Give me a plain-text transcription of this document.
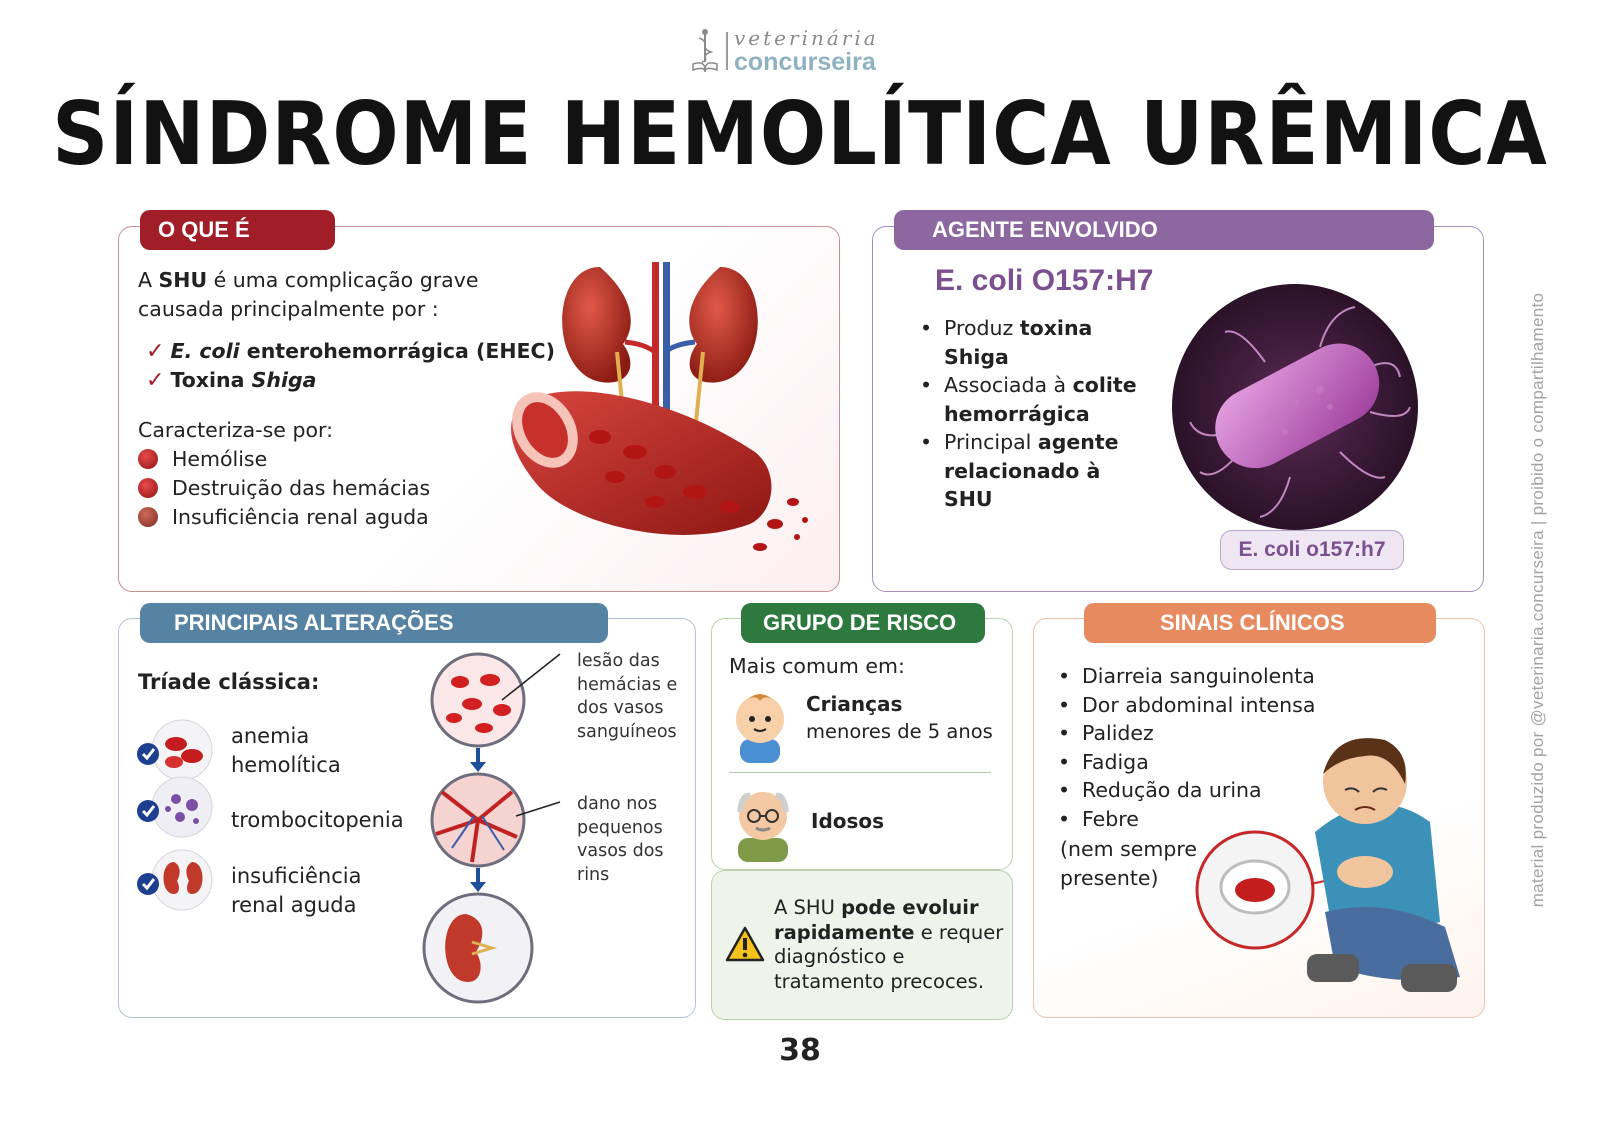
veterinária
concurseira
SÍNDROME HEMOLÍTICA URÊMICA
material produzido por @veterinaria.concurseira | proibido o compartilhamento
O QUE É
A SHU é uma complicação grave
causada principalmente por :
✓ E. coli enterohemorrágica (EHEC)
✓ Toxina Shiga
Caracteriza-se por:
Hemólise
Destruição das hemácias
Insuficiência renal aguda
AGENTE ENVOLVIDO
E. coli O157:H7
• Produz toxina Shiga
• Associada à colite hemorrágica
• Principal agente relacionado à SHU
E. coli o157:h7
PRINCIPAIS ALTERAÇÕES
Tríade clássica:
anemia hemolítica
trombocitopenia
insuficiência renal aguda
lesão das hemácias e dos vasos sanguíneos
dano nos pequenos vasos dos rins
GRUPO DE RISCO
Mais comum em:
Crianças
menores de 5 anos
Idosos
A SHU pode evoluir rapidamente e requer diagnóstico e tratamento precoces.
SINAIS CLÍNICOS
• Diarreia sanguinolenta
• Dor abdominal intensa
• Palidez
• Fadiga
• Redução da urina
• Febre
(nem sempre presente)
38
